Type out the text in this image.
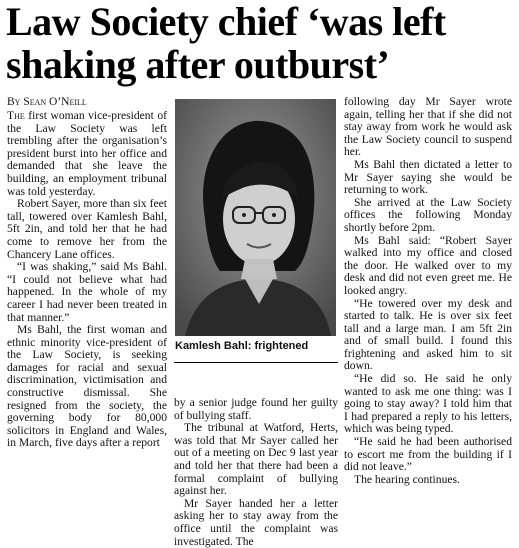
Law Society chief ‘was left
shaking after outburst’
By Sean O’Neill

The first woman vice-president of the Law Society was left trembling after the organisation’s president burst into her office and demanded that she leave the building, an employment tribunal was told yesterday.

Robert Sayer, more than six feet tall, towered over Kamlesh Bahl, 5ft 2in, and told her that he had come to remove her from the Chancery Lane offices.

“I was shaking,” said Ms Bahl. “I could not believe what had happened. In the whole of my career I had never been treated in that manner.”

Ms Bahl, the first woman and ethnic minority vice-president of the Law Society, is seeking damages for racial and sexual discrimination, victimisation and constructive dismissal. She resigned from the society, the governing body for 80,000 solicitors in England and Wales, in March, five days after a report

Kamlesh Bahl: frightened

by a senior judge found her guilty of bullying staff.

The tribunal at Watford, Herts, was told that Mr Sayer called her out of a meeting on Dec 9 last year and told her that there had been a formal complaint of bullying against her.

Mr Sayer handed her a letter asking her to stay away from the office until the complaint was investigated. The

following day Mr Sayer wrote again, telling her that if she did not stay away from work he would ask the Law Society council to suspend her.

Ms Bahl then dictated a letter to Mr Sayer saying she would be returning to work.

She arrived at the Law Society offices the following Monday shortly before 2pm.

Ms Bahl said: “Robert Sayer walked into my office and closed the door. He walked over to my desk and did not even greet me. He looked angry.

“He towered over my desk and started to talk. He is over six feet tall and a large man. I am 5ft 2in and of small build. I found this frightening and asked him to sit down.

“He did so. He said he only wanted to ask me one thing: was I going to stay away? I told him that I had prepared a reply to his letters, which was being typed.

“He said he had been authorised to escort me from the building if I did not leave.”

The hearing continues.
